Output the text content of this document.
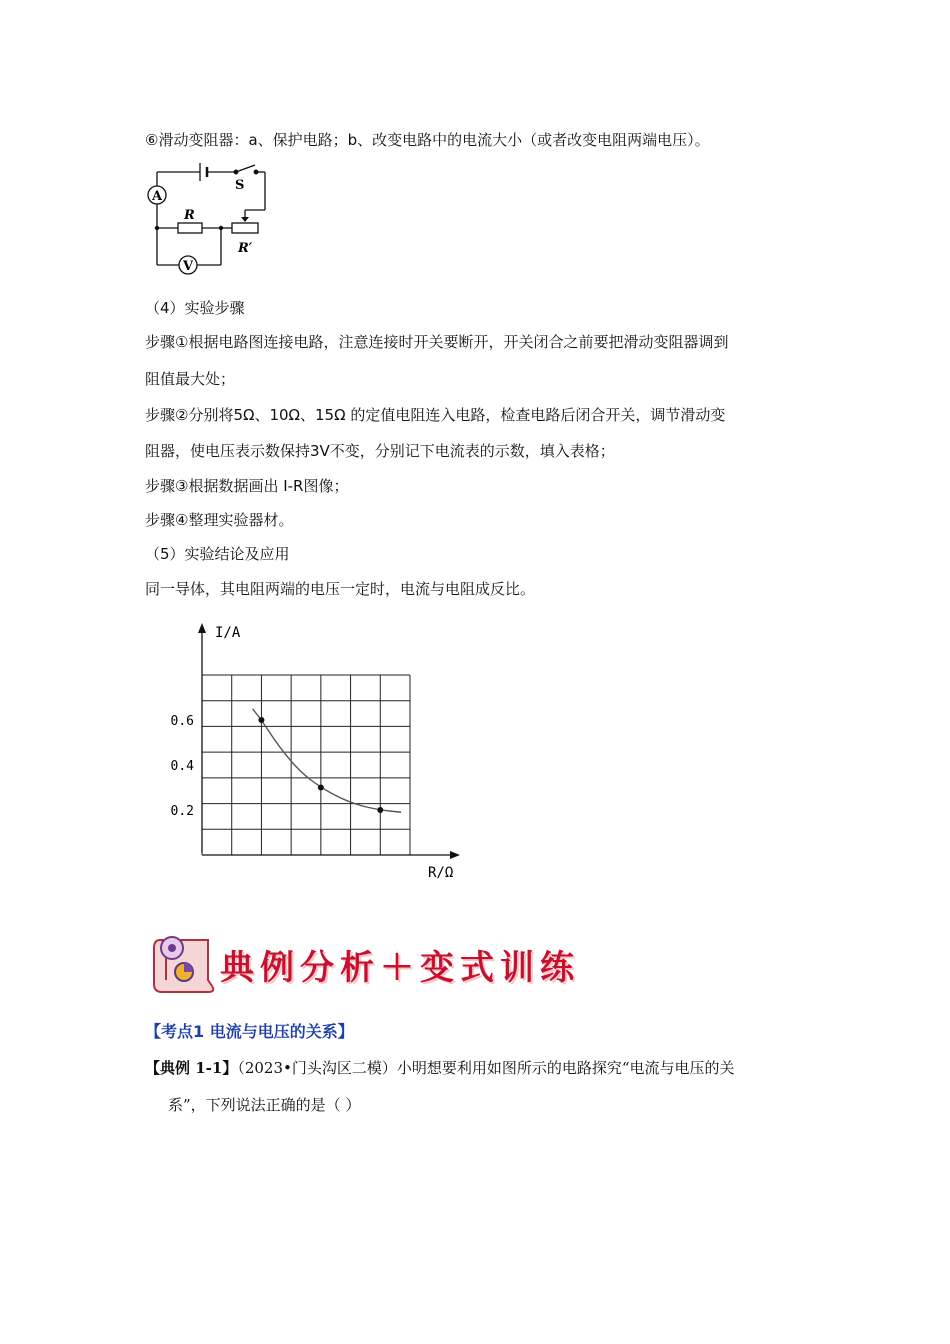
⑥滑动变阻器：a、保护电路；b、改变电路中的电流大小（或者改变电阻两端电压）。
A
V
S
R
R′
（4）实验步骤
步骤①根据电路图连接电路，注意连接时开关要断开，开关闭合之前要把滑动变阻器调到
阻值最大处；
步骤②分别将5Ω、10Ω、15Ω 的定值电阻连入电路，检查电路后闭合开关，调节滑动变
阻器，使电压表示数保持3V不变，分别记下电流表的示数，填入表格；
步骤③根据数据画出 I-R图像；
步骤④整理实验器材。
（5）实验结论及应用
同一导体，其电阻两端的电压一定时，电流与电阻成反比。
I/A
R/Ω
0.2
0.4
0.6
典例分析＋变式训练
【考点1 电流与电压的关系】
【典例 1-1】（2023•门头沟区二模）小明想要利用如图所示的电路探究“电流与电压的关
系”，下列说法正确的是（ ）
